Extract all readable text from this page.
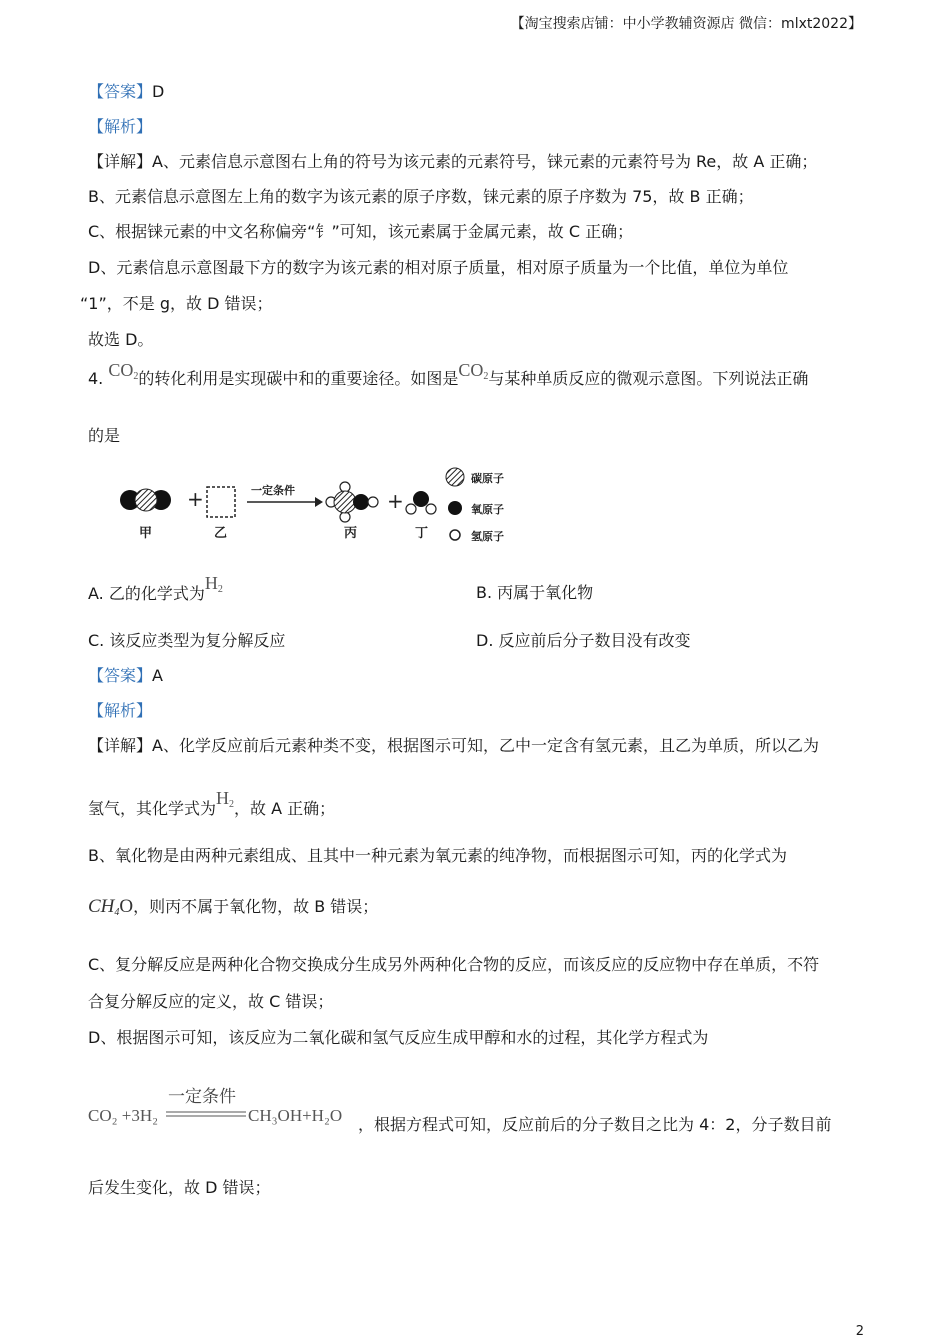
【淘宝搜索店铺：中小学教辅资源店 微信：mlxt2022】
【答案】D
【解析】
【详解】A、元素信息示意图右上角的符号为该元素的元素符号，铼元素的元素符号为 Re，故 A 正确；
B、元素信息示意图左上角的数字为该元素的原子序数，铼元素的原子序数为 75，故 B 正确；
C、根据铼元素的中文名称偏旁“钅”可知，该元素属于金属元素，故 C 正确；
D、元素信息示意图最下方的数字为该元素的相对原子质量，相对原子质量为一个比值，单位为单位
“1”，不是 g，故 D 错误；
故选 D。
4. $CO_2$的转化利用是实现碳中和的重要途径。如图是$CO_2$与某种单质反应的微观示意图。下列说法正确
的是
+	一定条件	+
甲	乙	丙	丁
碳原子
氧原子
氢原子
A. 乙的化学式为$H_2$	B. 丙属于氧化物
C. 该反应类型为复分解反应	D. 反应前后分子数目没有改变
【答案】A
【解析】
【详解】A、化学反应前后元素种类不变，根据图示可知，乙中一定含有氢元素，且乙为单质，所以乙为
氢气，其化学式为$H_2$，故 A 正确；
B、氧化物是由两种元素组成、且其中一种元素为氧元素的纯净物，而根据图示可知，丙的化学式为
$CH_4O$，则丙不属于氧化物，故 B 错误；
C、复分解反应是两种化合物交换成分生成另外两种化合物的反应，而该反应的反应物中存在单质，不符
合复分解反应的定义，故 C 错误；
D、根据图示可知，该反应为二氧化碳和氢气反应生成甲醇和水的过程，其化学方程式为
一定条件
CO₂ +3H₂	CH₃OH+H₂O ，根据方程式可知，反应前后的分子数目之比为 4：2，分子数目前
后发生变化，故 D 错误；
2
